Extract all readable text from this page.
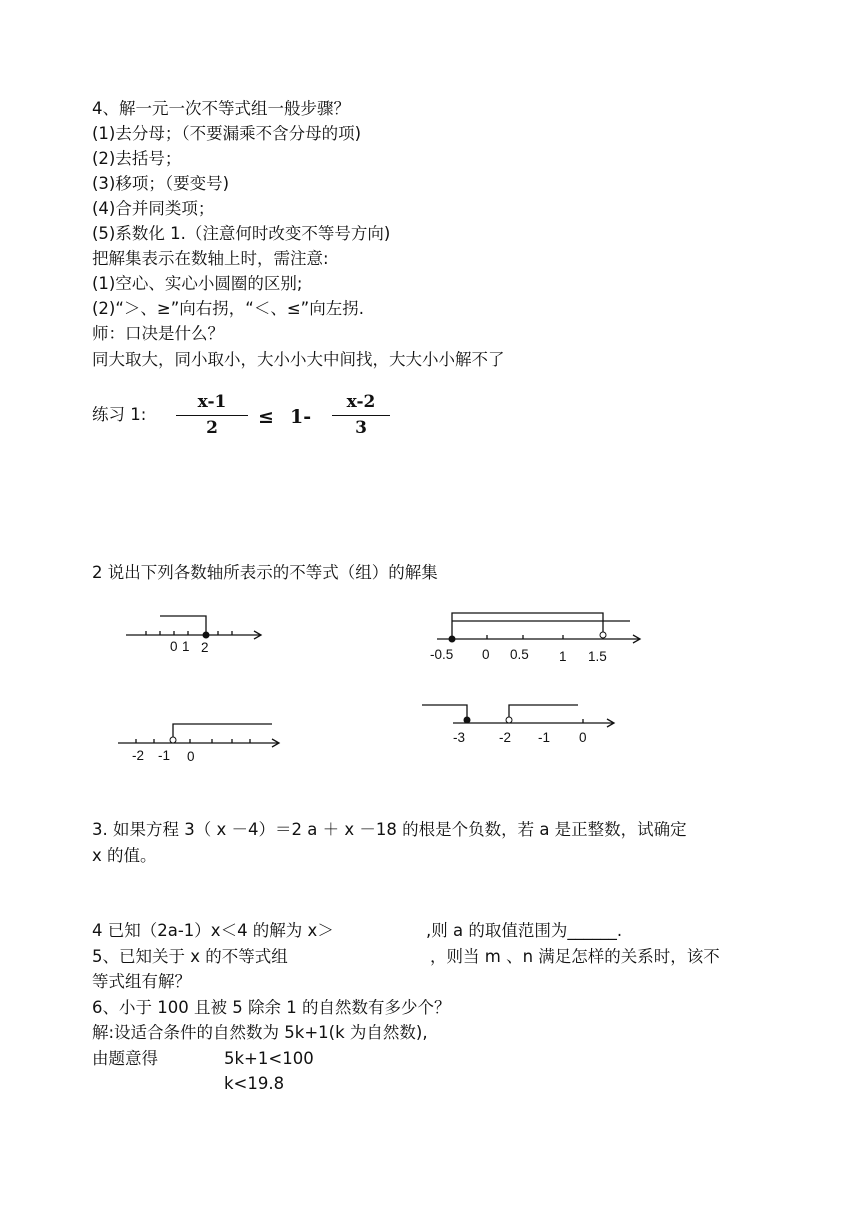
4、解一元一次不等式组一般步骤？
(1)去分母；（不要漏乘不含分母的项)
(2)去括号；
(3)移项；（要变号)
(4)合并同类项；
(5)系数化 1.（注意何时改变不等号方向)
把解集表示在数轴上时，需注意:
(1)空心、实心小圆圈的区别;
(2)“＞、≥”向右拐，“＜、≤”向左拐.
师：口决是什么？
同大取大，同小取小，大小小大中间找，大大小小解不了
练习 1:
x-1
2	≤ 1-
x-2
3
2 说出下列各数轴所表示的不等式（组）的解集
0 1 2	-0.5 0 0.5 1 1.5
-2 -1 0
-3	-2 -1 0
3. 如果方程 3（ x －4）＝2 a ＋ x －18 的根是个负数，若 a 是正整数，试确定
x 的值。
4 已知（2a-1）x＜4 的解为 x＞	,则 a 的取值范围为______.
5、已知关于 x 的不等式组	，则当 m 、n 满足怎样的关系时，该不
等式组有解？
6、小于 100 且被 5 除余 1 的自然数有多少个？
解:设适合条件的自然数为 5k+1(k 为自然数),
由题意得	5k+1<100
k<19.8
